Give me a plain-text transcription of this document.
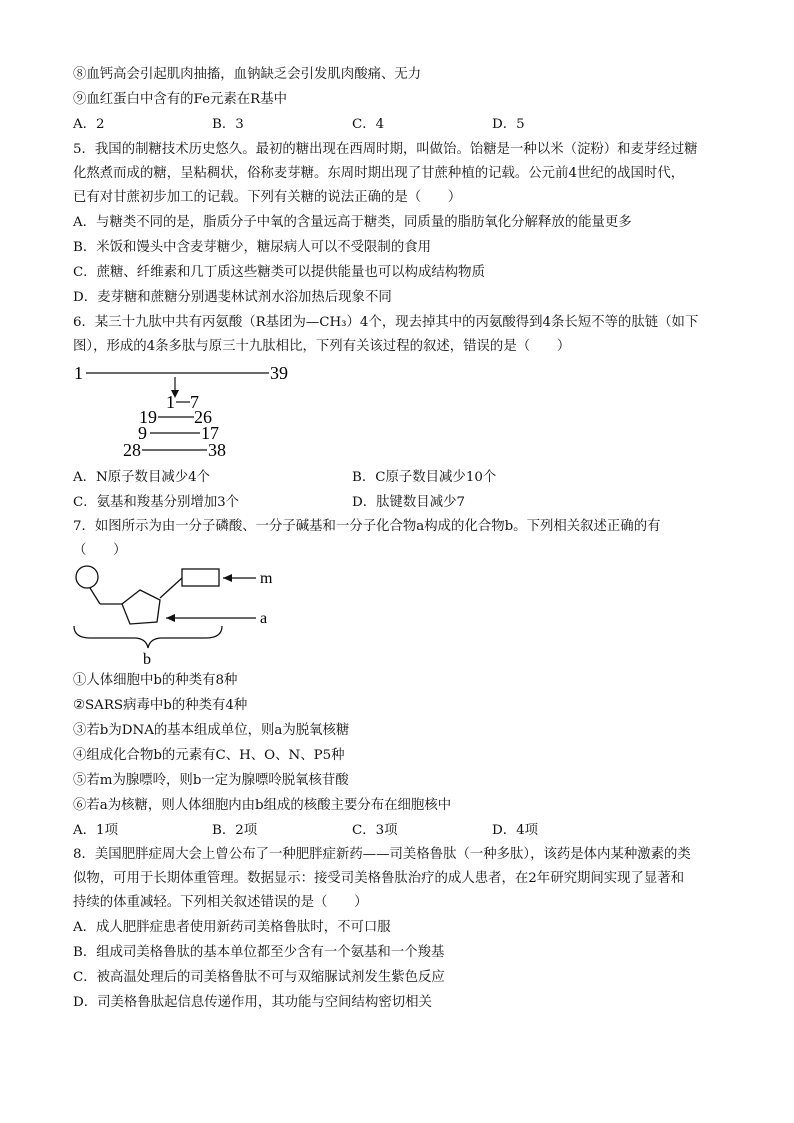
⑧血钙高会引起肌肉抽搐，血钠缺乏会引发肌肉酸痛、无力
⑨血红蛋白中含有的Fe元素在R基中
A．2	B．3	C．4	D．5
5．我国的制糖技术历史悠久。最初的糖出现在西周时期，叫做饴。饴糖是一种以米（淀粉）和麦芽经过糖
化熬煮而成的糖，呈粘稠状，俗称麦芽糖。东周时期出现了甘蔗种植的记载。公元前4世纪的战国时代，
已有对甘蔗初步加工的记载。下列有关糖的说法正确的是（　　）
A．与糖类不同的是，脂质分子中氧的含量远高于糖类，同质量的脂肪氧化分解释放的能量更多
B．米饭和馒头中含麦芽糖少，糖尿病人可以不受限制的食用
C．蔗糖、纤维素和几丁质这些糖类可以提供能量也可以构成结构物质
D．麦芽糖和蔗糖分别遇斐林试剂水浴加热后现象不同
6．某三十九肽中共有丙氨酸（R基团为—CH₃）4个，现去掉其中的丙氨酸得到4条长短不等的肽链（如下
图），形成的4条多肽与原三十九肽相比，下列有关该过程的叙述，错误的是（　　）
1	39
1 7
19 26
9	17
28	38
A．N原子数目减少4个	B．C原子数目减少10个
C．氨基和羧基分别增加3个	D．肽键数目减少7
7．如图所示为由一分子磷酸、一分子碱基和一分子化合物a构成的化合物b。下列相关叙述正确的有
（　　）
m
a
b
①人体细胞中b的种类有8种
②SARS病毒中b的种类有4种
③若b为DNA的基本组成单位，则a为脱氧核糖
④组成化合物b的元素有C、H、O、N、P5种
⑤若m为腺嘌呤，则b一定为腺嘌呤脱氧核苷酸
⑥若a为核糖，则人体细胞内由b组成的核酸主要分布在细胞核中
A．1项	B．2项	C．3项	D．4项
8．美国肥胖症周大会上曾公布了一种肥胖症新药——司美格鲁肽（一种多肽），该药是体内某种激素的类
似物，可用于长期体重管理。数据显示：接受司美格鲁肽治疗的成人患者，在2年研究期间实现了显著和
持续的体重减轻。下列相关叙述错误的是（　　）
A．成人肥胖症患者使用新药司美格鲁肽时，不可口服
B．组成司美格鲁肽的基本单位都至少含有一个氨基和一个羧基
C．被高温处理后的司美格鲁肽不可与双缩脲试剂发生紫色反应
D．司美格鲁肽起信息传递作用，其功能与空间结构密切相关
